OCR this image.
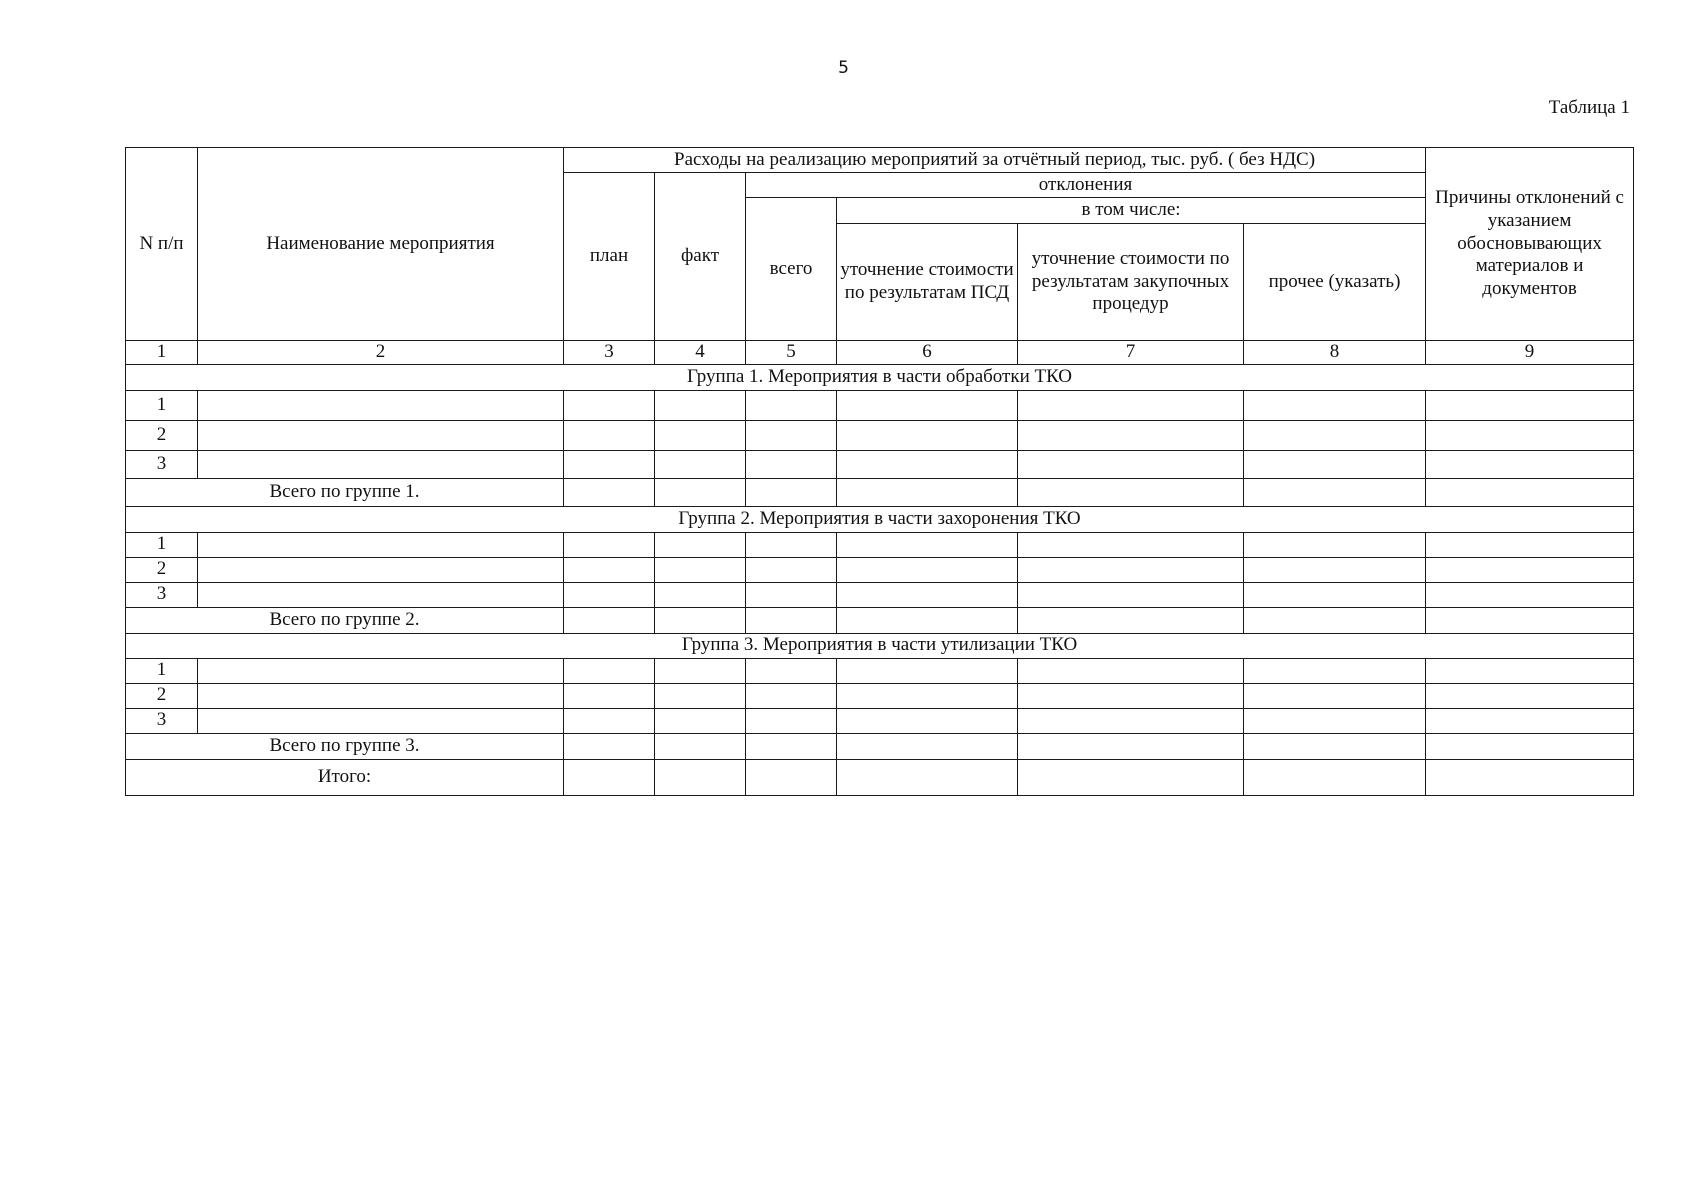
5
Таблица 1
N п/п	Наименование мероприятия	Расходы на реализацию мероприятий за отчётный период, тыс. руб. ( без НДС)						Причины отклонений с указанием обосновывающих материалов и документов
		план	факт	отклонения				
				всего	в том числе:			
					уточнение стоимости по результатам ПСД	уточнение стоимости по результатам закупочных процедур	прочее (указать)	
1	2	3	4	5	6	7	8	9
Группа 1. Мероприятия в части обработки ТКО								
1								
2								
3								
Всего по группе 1.								
Группа 2. Мероприятия в части захоронения ТКО								
1								
2								
3								
Всего по группе 2.								
Группа 3. Мероприятия в части утилизации ТКО								
1								
2								
3								
Всего по группе 3.								
Итого:								
